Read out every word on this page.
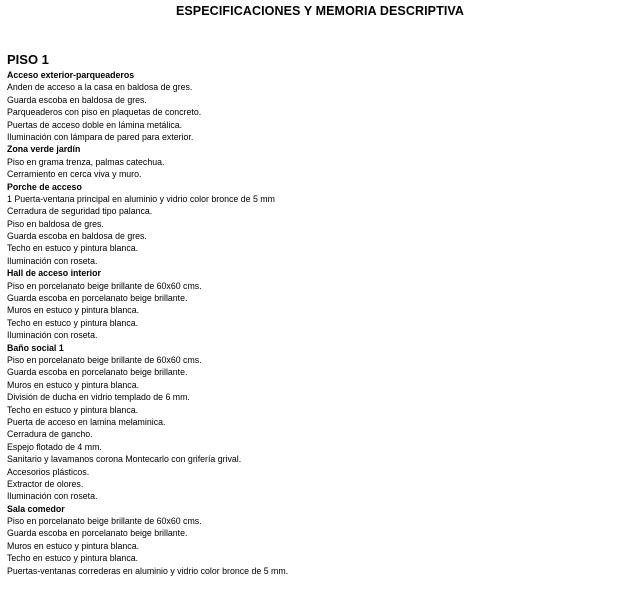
ESPECIFICACIONES Y MEMORIA DESCRIPTIVA
PISO 1
Acceso exterior-parqueaderos
Anden de acceso a la casa en baldosa de gres.
Guarda escoba en baldosa de gres.
Parqueaderos con piso en plaquetas de concreto.
Puertas de acceso doble en lámina metálica.
Iluminación con lámpara de pared para exterior.
Zona verde jardín
Piso en grama trenza, palmas catechua.
Cerramiento en cerca viva y muro.
Porche de acceso
1 Puerta-ventana principal en aluminio y vidrio color bronce de 5 mm
Cerradura de seguridad tipo palanca.
Piso en baldosa de gres.
Guarda escoba en baldosa de gres.
Techo en estuco y pintura blanca.
Iluminación con roseta.
Hall de acceso interior
Piso en porcelanato beige brillante de 60x60 cms.
Guarda escoba en porcelanato beige brillante.
Muros en estuco y pintura blanca.
Techo en estuco y pintura blanca.
Iluminación con roseta.
Baño social 1
Piso en porcelanato beige brillante de 60x60 cms.
Guarda escoba en porcelanato beige brillante.
Muros en estuco y pintura blanca.
División de ducha en vidrio templado de 6 mm.
Techo en estuco y pintura blanca.
Puerta de acceso en lamina melaminica.
Cerradura de gancho.
Espejo flotado de 4 mm.
Sanitario y lavamanos corona Montecarlo con grifería grival.
Accesorios plásticos.
Extractor de olores.
Iluminación con roseta.
Sala comedor
Piso en porcelanato beige brillante de 60x60 cms.
Guarda escoba en porcelanato beige brillante.
Muros en estuco y pintura blanca.
Techo en estuco y pintura blanca.
Puertas-ventanas correderas en aluminio y vidrio color bronce de 5 mm.
